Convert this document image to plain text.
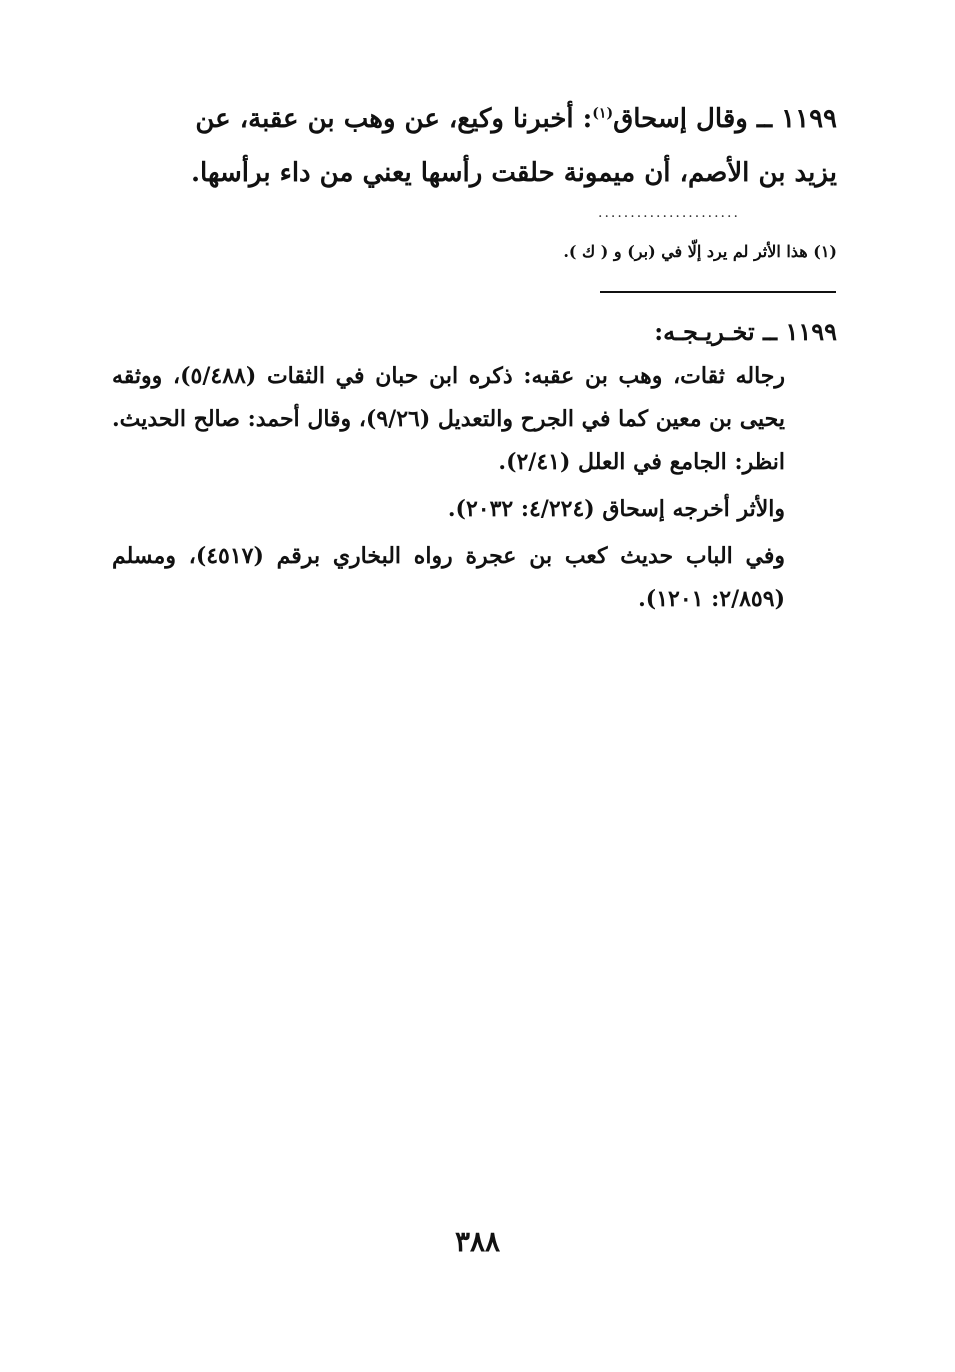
١١٩٩ ــ وقال إسحاق$^{(١)}$: أخبرنا وكيع، عن وهب بن عقبة، عن

يزيد بن الأصم، أن ميمونة حلقت رأسها يعني من داء برأسها.

......................
(١) هذا الأثر لم يرد إلّا في (بر) و ( ك ).

١١٩٩ ــ تخـريـجـه:

رجاله ثقات، وهب بن عقبه: ذكره ابن حبان في الثقات (٥/٤٨٨)، ووثقه يحيى بن معين كما في الجرح والتعديل (٩/٢٦)، وقال أحمد: صالح الحديث. انظر: الجامع في العلل (٢/٤١).

والأثر أخرجه إسحاق (٤/٢٢٤: ٢٠٣٢).

وفي الباب حديث كعب بن عجرة رواه البخاري برقم (٤٥١٧)، ومسلم (٢/٨٥٩: ١٢٠١).

٣٨٨
